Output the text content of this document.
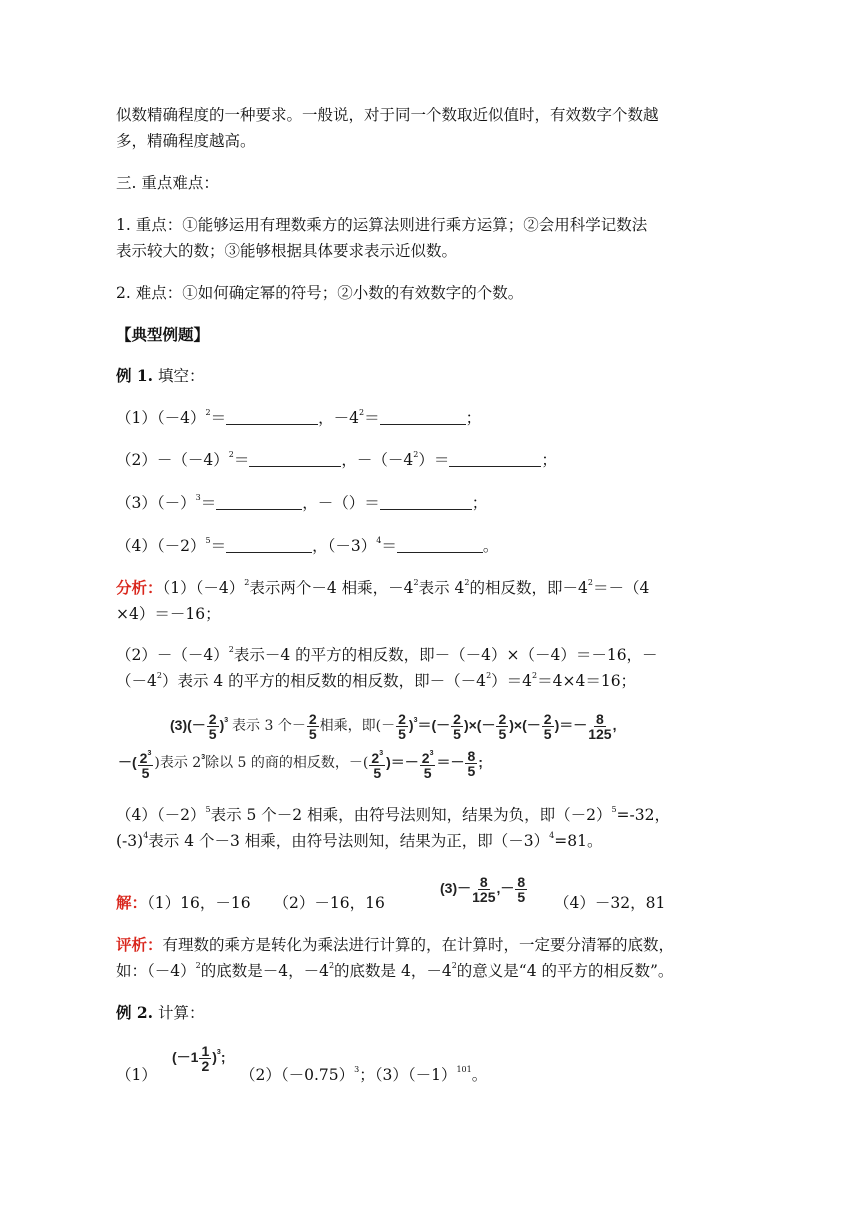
似数精确程度的一种要求。一般说，对于同一个数取近似值时，有效数字个数越
多，精确程度越高。
三. 重点难点：
1. 重点：①能够运用有理数乘方的运算法则进行乘方运算；②会用科学记数法
表示较大的数；③能够根据具体要求表示近似数。
2. 难点：①如何确定幂的符号；②小数的有效数字的个数。
【典型例题】
例 1. 填空：
$(1)(-4)^2=$	，$-4^2=$	；
$(2)-(-4)^2=$	，$-(-4^2)=$	；
$(3)(-)^3=$	，－（）＝	；
$(4)(-2)^5=$	，$(-3)^4=$	。
分析：$(1)(-4)^2$表示两个－4 相乘，$-4^2$表示 $4^2$的相反数，即$-4^2=-(4$
×4）＝－16；
$(2)-(-4)^2$表示－4 的平方的相反数，即－（－4）×（－4）＝－16，－
$(-4^2)$表示 4 的平方的相反数的相反数，即$-(-4^2)=4^2=4\times 4=16$；
$(3)(- \frac{2}{5} )^3$ 表示 3 个－ $\frac{2}{5}$ 相乘，即(－ $\frac{2}{5} )^3=(- \frac{2}{5}$ )×(－ $\frac{2}{5}$ )×(－ $\frac{2}{5}$ )＝－ $\frac{8}{125}$ ,
－( $\frac{2^3}{5}$ )表示 $2^3$除以 5 的商的相反数，－( $\frac{2^3}{5}$ )＝－ $\frac{2^3}{5} =- \frac{8}{5}$ ;
$(4)(-2)^5$表示 5 个－2 相乘，由符号法则知，结果为负，即$(-2)^5=-32$，
$(-3)^4$表示 4 个－3 相乘，由符号法则知，结果为正，即$(-3)^4=81$。
解：（1）16，－16 （2）－16，16
$(3)- \frac{8}{125}$ ,－ $\frac{8}{5} (4)-32$，81
评析：有理数的乘方是转化为乘法进行计算的，在计算时，一定要分清幂的底数，
如：$(-4)^2$的底数是－4，$-4^2$的底数是 4，$-4^2$的意义是“4 的平方的相反数”。
例 2. 计算：
（1）
$(-1 \frac{1}{2} )^3$;
$(2)(-0.75)^3$；$(3)(-1)^{101}$。
